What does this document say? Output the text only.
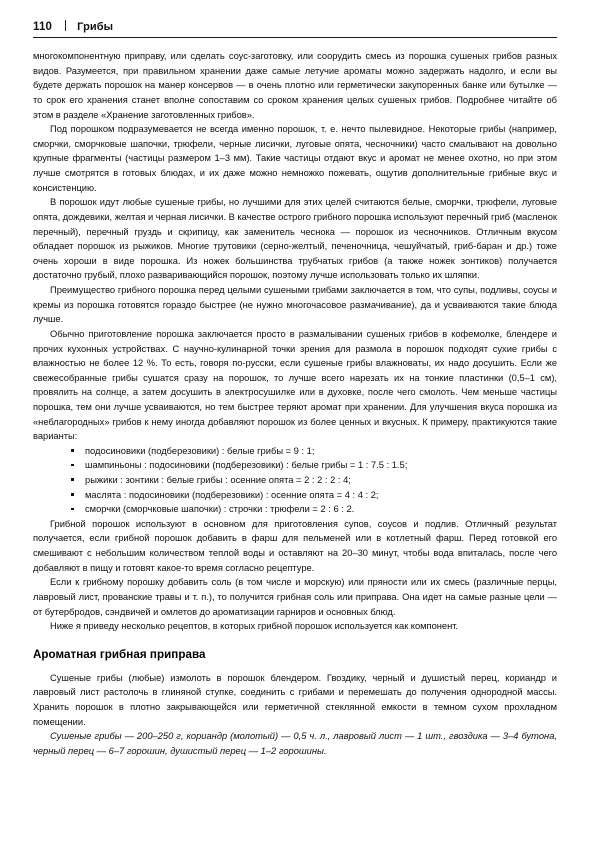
110 Грибы

многокомпонентную приправу, или сделать соус-заготовку, или соорудить смесь из порошка сушеных грибов разных видов. Разумеется, при правильном хранении даже самые летучие ароматы можно задержать надолго, и если вы будете держать порошок на манер консервов — в очень плотно или герметически закупоренных банке или бутылке — то срок его хранения станет вполне сопоставим со сроком хранения целых сушеных грибов. Подробнее читайте об этом в разделе «Хранение заготовленных грибов».

Под порошком подразумевается не всегда именно порошок, т. е. нечто пылевидное. Некоторые грибы (например, сморчки, сморчковые шапочки, трюфели, черные лисички, луговые опята, чесночники) часто смалывают на довольно крупные фрагменты (частицы размером 1–3 мм). Такие частицы отдают вкус и аромат не менее охотно, но при этом лучше смотрятся в готовых блюдах, и их даже можно немножко пожевать, ощутив дополнительные грибные вкус и консистенцию.

В порошок идут любые сушеные грибы, но лучшими для этих целей считаются белые, сморчки, трюфели, луговые опята, дождевики, желтая и черная лисички. В качестве острого грибного порошка используют перечный гриб (масленок перечный), перечный груздь и скрипицу, как заменитель чеснока — порошок из чесночников. Отличным вкусом обладает порошок из рыжиков. Многие трутовики (серно-желтый, печеночница, чешуйчатый, гриб-баран и др.) тоже очень хороши в виде порошка. Из ножек большинства трубчатых грибов (а также ножек зонтиков) получается достаточно грубый, плохо разваривающийся порошок, поэтому лучше использовать только их шляпки.

Преимущество грибного порошка перед целыми сушеными грибами заключается в том, что супы, подливы, соусы и кремы из порошка готовятся гораздо быстрее (не нужно многочасовое размачивание), да и усваиваются такие блюда лучше.

Обычно приготовление порошка заключается просто в размалывании сушеных грибов в кофемолке, блендере и прочих кухонных устройствах. С научно-кулинарной точки зрения для размола в порошок подходят сухие грибы с влажностью не более 12 %. То есть, говоря по-русски, если сушеные грибы влажноваты, их надо досушить. Если же свежесобранные грибы сушатся сразу на порошок, то лучше всего нарезать их на тонкие пластинки (0,5–1 см), провялить на солнце, а затем досушить в электросушилке или в духовке, после чего смолоть. Чем меньше частицы порошка, тем они лучше усваиваются, но тем быстрее теряют аромат при хранении. Для улучшения вкуса порошка из «неблагородных» грибов к нему иногда добавляют порошок из более ценных и вкусных. К примеру, практикуются такие варианты:

подосиновики (подберезовики) : белые грибы = 9 : 1;
шампиньоны : подосиновики (подберезовики) : белые грибы = 1 : 7.5 : 1.5;
рыжики : зонтики : белые грибы : осенние опята = 2 : 2 : 2 : 4;
маслята : подосиновики (подберезовики) : осенние опята = 4 : 4 : 2;
сморчки (сморчковые шапочки) : строчки : трюфели = 2 : 6 : 2.

Грибной порошок используют в основном для приготовления супов, соусов и подлив. Отличный результат получается, если грибной порошок добавить в фарш для пельменей или в котлетный фарш. Перед готовкой его смешивают с небольшим количеством теплой воды и оставляют на 20–30 минут, чтобы вода впиталась, после чего добавляют в пищу и готовят какое-то время согласно рецептуре.

Если к грибному порошку добавить соль (в том числе и морскую) или пряности или их смесь (различные перцы, лавровый лист, прованские травы и т. п.), то получится грибная соль или приправа. Она идет на самые разные цели — от бутербродов, сэндвичей и омлетов до ароматизации гарниров и основных блюд.

Ниже я приведу несколько рецептов, в которых грибной порошок используется как компонент.

Ароматная грибная приправа

Сушеные грибы (любые) измолоть в порошок блендером. Гвоздику, черный и душистый перец, кориандр и лавровый лист растолочь в глиняной ступке, соединить с грибами и перемешать до получения однородной массы. Хранить порошок в плотно закрывающейся или герметичной стеклянной емкости в темном сухом прохладном помещении.

Сушеные грибы — 200–250 г, кориандр (молотый) — 0,5 ч. л., лавровый лист — 1 шт., гвоздика — 3–4 бутона, черный перец — 6–7 горошин, душистый перец — 1–2 горошины.
